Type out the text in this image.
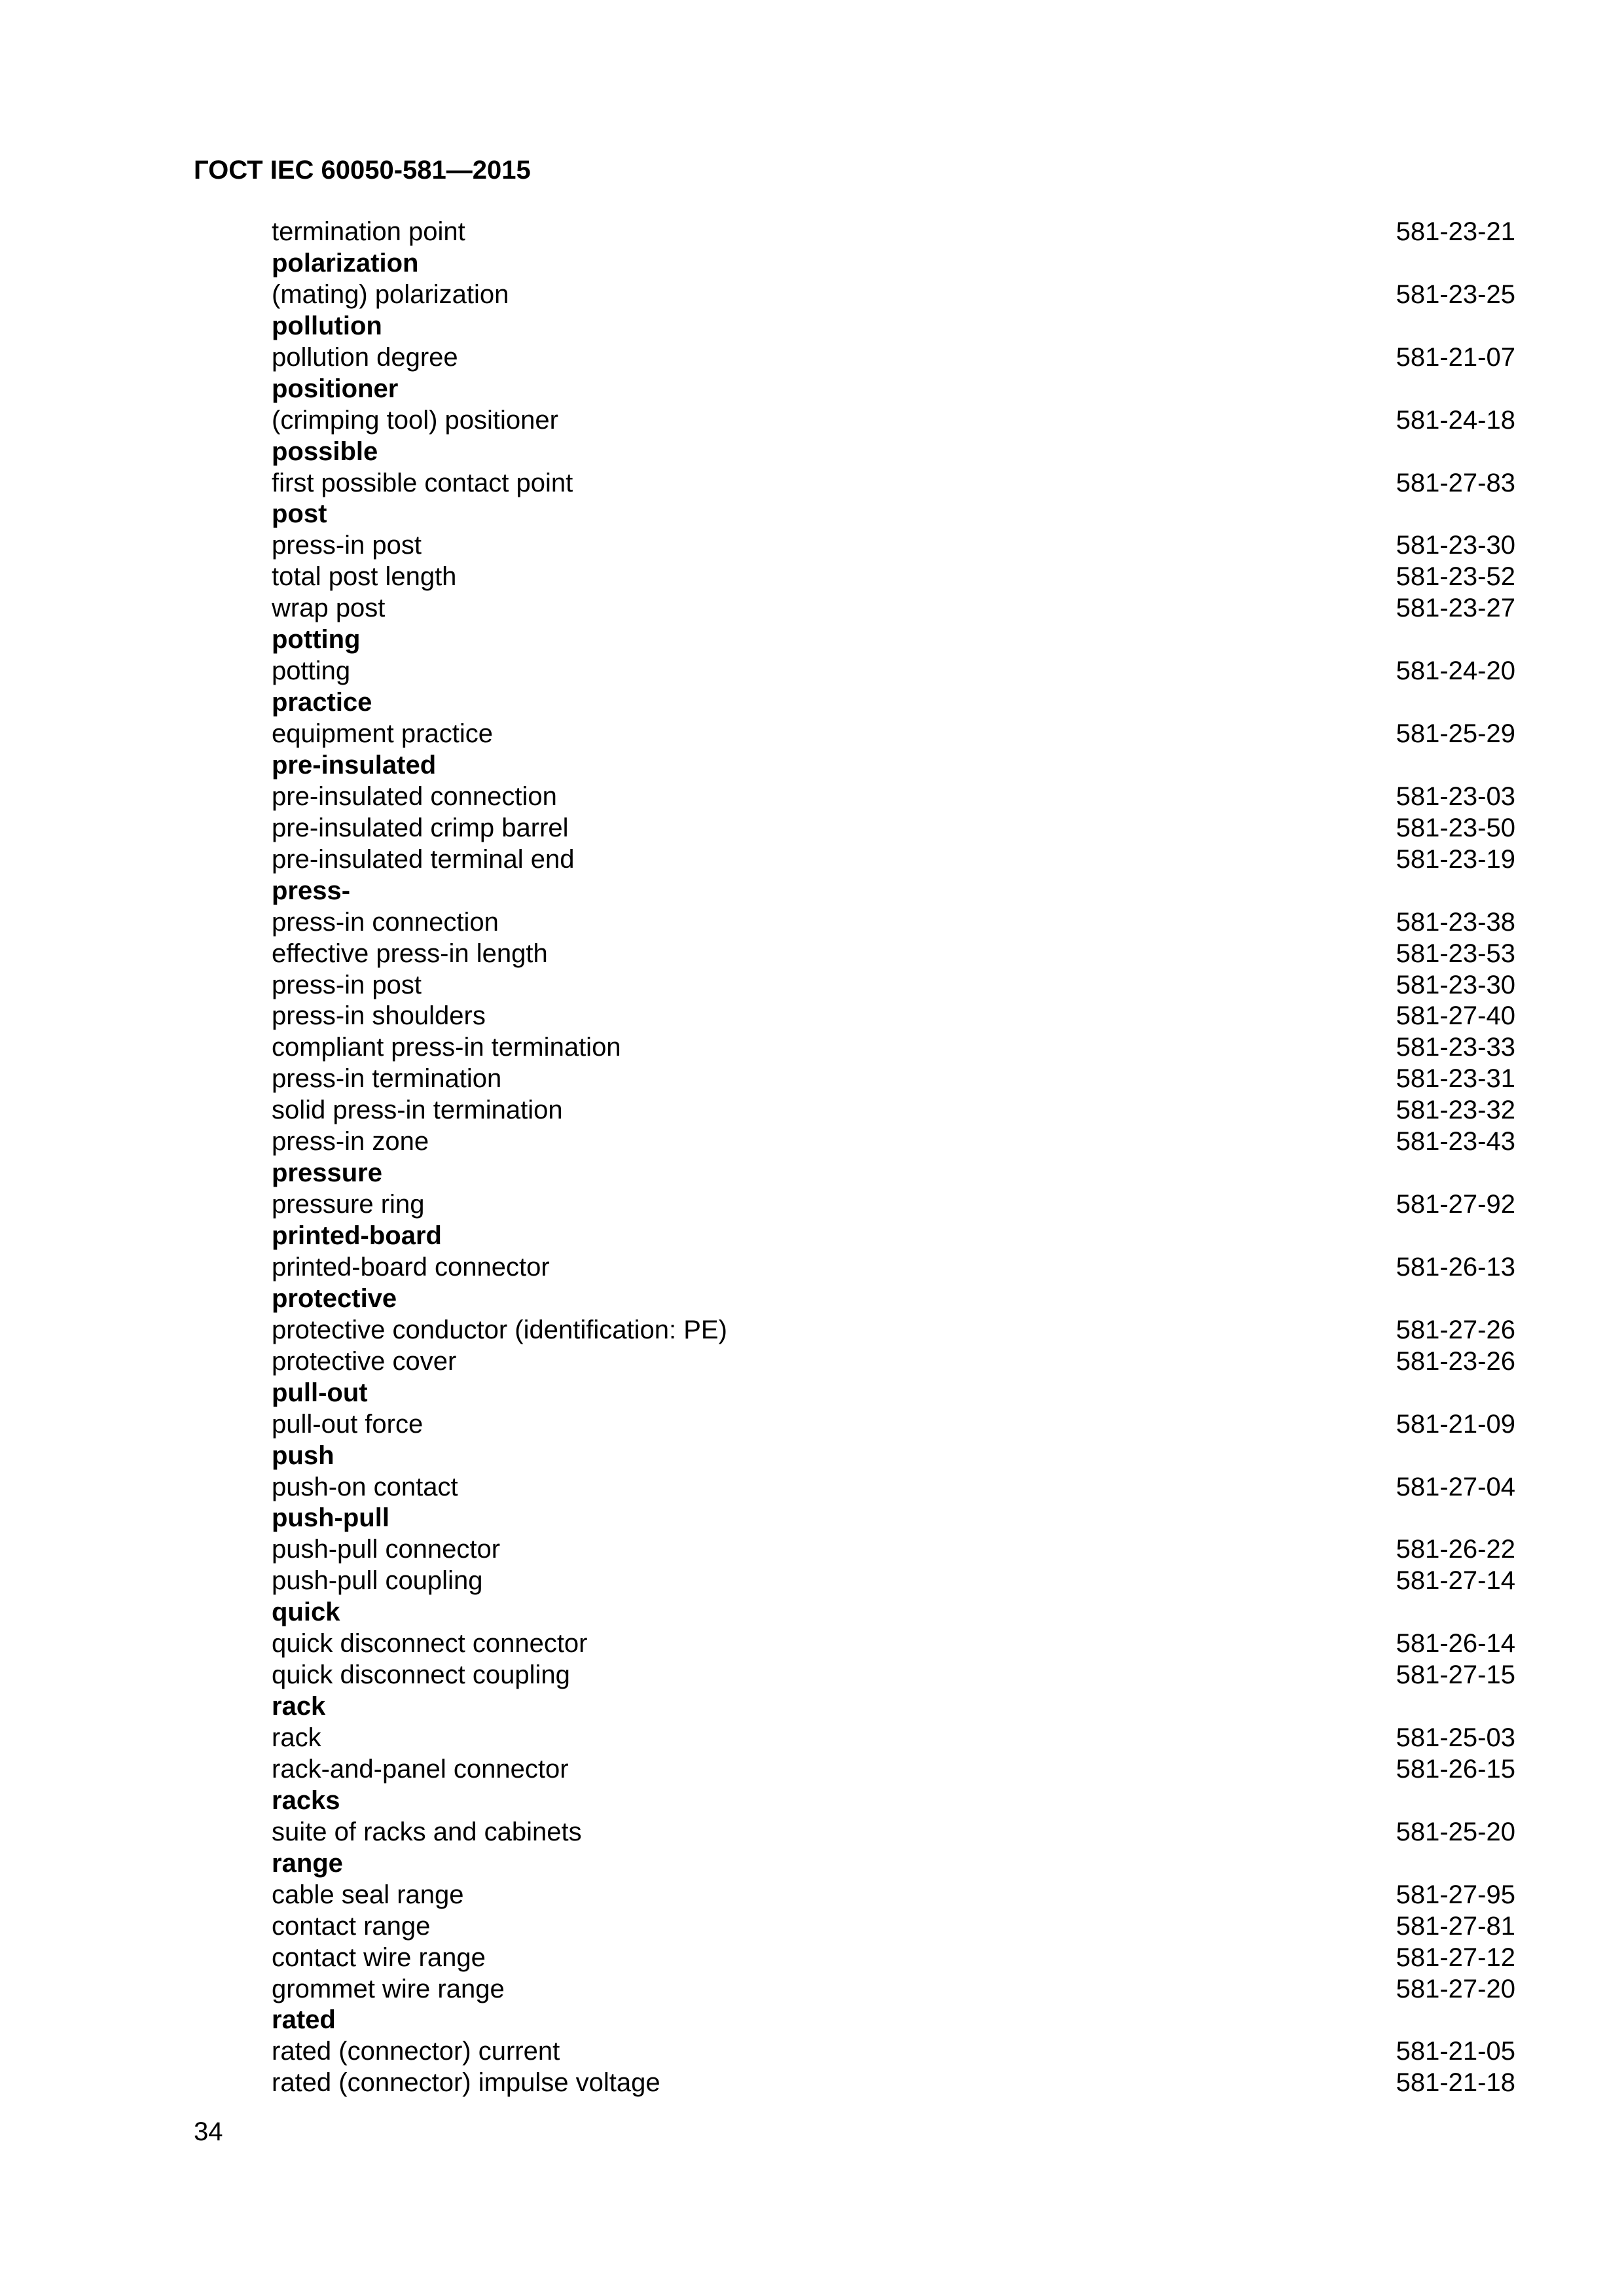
ГОСТ IEC 60050-581—2015
termination point	581-23-21
polarization
(mating) polarization	581-23-25
pollution
pollution degree	581-21-07
positioner
(crimping tool) positioner	581-24-18
possible
first possible contact point	581-27-83
post
press-in post	581-23-30
total post length	581-23-52
wrap post	581-23-27
potting
potting	581-24-20
practice
equipment practice	581-25-29
pre-insulated
pre-insulated connection	581-23-03
pre-insulated crimp barrel	581-23-50
pre-insulated terminal end	581-23-19
press-
press-in connection	581-23-38
effective press-in length	581-23-53
press-in post	581-23-30
press-in shoulders	581-27-40
compliant press-in termination	581-23-33
press-in termination	581-23-31
solid press-in termination	581-23-32
press-in zone	581-23-43
pressure
pressure ring	581-27-92
printed-board
printed-board connector	581-26-13
protective
protective conductor (identification: PE)	581-27-26
protective cover	581-23-26
pull-out
pull-out force	581-21-09
push
push-on contact	581-27-04
push-pull
push-pull connector	581-26-22
push-pull coupling	581-27-14
quick
quick disconnect connector	581-26-14
quick disconnect coupling	581-27-15
rack
rack	581-25-03
rack-and-panel connector	581-26-15
racks
suite of racks and cabinets	581-25-20
range
cable seal range	581-27-95
contact range	581-27-81
contact wire range	581-27-12
grommet wire range	581-27-20
rated
rated (connector) current	581-21-05
rated (connector) impulse voltage	581-21-18
34
